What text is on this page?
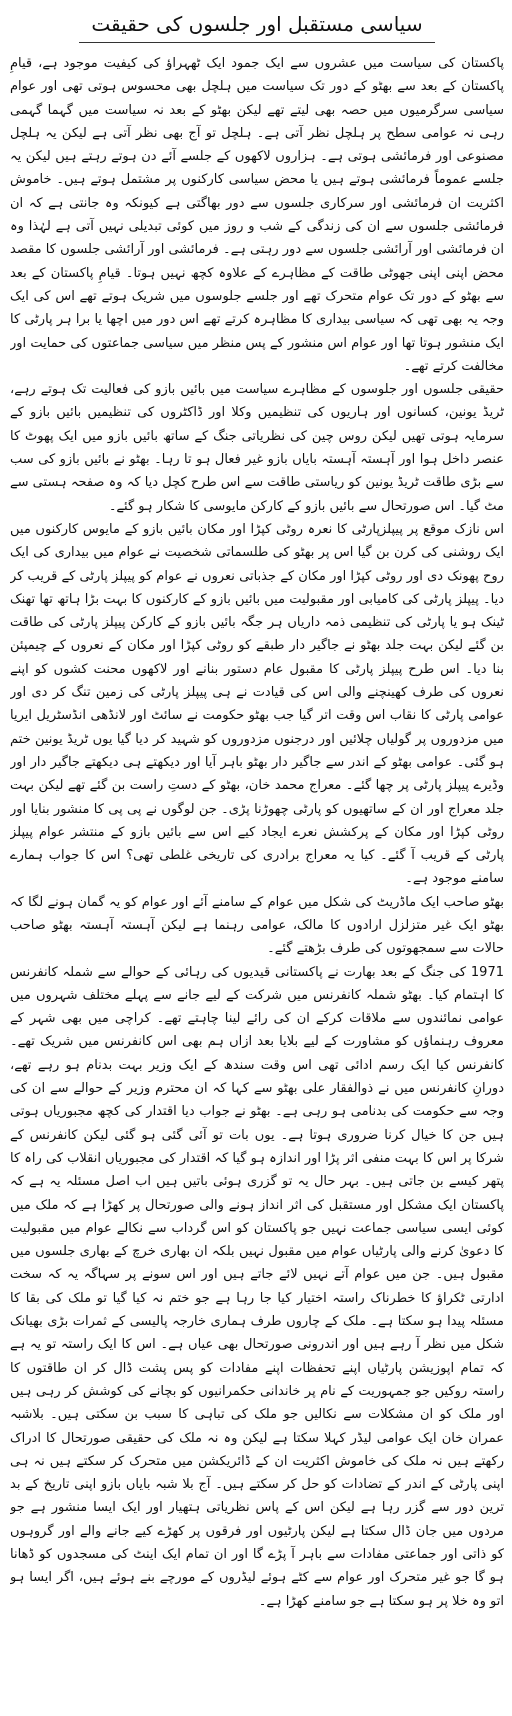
سیاسی مستقبل اور جلسوں کی حقیقت

پاکستان کی سیاست میں عشروں سے ایک جمود ایک ٹھہراؤ کی کیفیت موجود ہے، قیامِ پاکستان کے بعد سے بھٹو کے دور تک سیاست میں ہلچل بھی محسوس ہوتی تھی اور عوام سیاسی سرگرمیوں میں حصہ بھی لیتے تھے لیکن بھٹو کے بعد نہ سیاست میں گہما گہمی رہی نہ عوامی سطح پر ہلچل نظر آتی ہے۔ ہلچل تو آج بھی نظر آتی ہے لیکن یہ ہلچل مصنوعی اور فرمائشی ہوتی ہے۔ ہزاروں لاکھوں کے جلسے آئے دن ہوتے رہتے ہیں لیکن یہ جلسے عموماً فرمائشی ہوتے ہیں یا محض سیاسی کارکنوں پر مشتمل ہوتے ہیں۔ خاموش اکثریت ان فرمائشی اور سرکاری جلسوں سے دور بھاگتی ہے کیونکہ وہ جانتی ہے کہ ان فرمائشی جلسوں سے ان کی زندگی کے شب و روز میں کوئی تبدیلی نہیں آتی ہے لہٰذا وہ ان فرمائشی اور آرائشی جلسوں سے دور رہتی ہے۔ فرمائشی اور آرائشی جلسوں کا مقصد محض اپنی اپنی جھوٹی طاقت کے مظاہرے کے علاوہ کچھ نہیں ہوتا۔ قیامِ پاکستان کے بعد سے بھٹو کے دور تک عوام متحرک تھے اور جلسے جلوسوں میں شریک ہوتے تھے اس کی ایک وجہ یہ بھی تھی کہ سیاسی بیداری کا مظاہرہ کرتے تھے اس دور میں اچھا یا برا ہر پارٹی کا ایک منشور ہوتا تھا اور عوام اس منشور کے پس منظر میں سیاسی جماعتوں کی حمایت اور مخالفت کرتے تھے۔

حقیقی جلسوں اور جلوسوں کے مظاہرے سیاست میں بائیں بازو کی فعالیت تک ہوتے رہے، ٹریڈ یونین، کسانوں اور ہاریوں کی تنظیمیں وکلا اور ڈاکٹروں کی تنظیمیں بائیں بازو کے سرمایہ ہوتی تھیں لیکن روس چین کی نظریاتی جنگ کے ساتھ بائیں بازو میں ایک پھوٹ کا عنصر داخل ہوا اور آہستہ آہستہ بایاں بازو غیر فعال ہو تا رہا۔ بھٹو نے بائیں بازو کی سب سے بڑی طاقت ٹریڈ یونین کو ریاستی طاقت سے اس طرح کچل دیا کہ وہ صفحہ ہستی سے مٹ گیا۔ اس صورتحال سے بائیں بازو کے کارکن مایوسی کا شکار ہو گئے۔

اس نازک موقع پر پیپلزپارٹی کا نعرہ روٹی کپڑا اور مکان بائیں بازو کے مایوس کارکنوں میں ایک روشنی کی کرن بن گیا اس پر بھٹو کی طلسماتی شخصیت نے عوام میں بیداری کی ایک روح پھونک دی اور روٹی کپڑا اور مکان کے جذباتی نعروں نے عوام کو پیپلز پارٹی کے قریب کر دیا۔ پیپلز پارٹی کی کامیابی اور مقبولیت میں بائیں بازو کے کارکنوں کا بہت بڑا ہاتھ تھا تھنک ٹینک ہو یا پارٹی کی تنظیمی ذمہ داریاں ہر جگہ بائیں بازو کے کارکن پیپلز پارٹی کی طاقت بن گئے لیکن بہت جلد بھٹو نے جاگیر دار طبقے کو روٹی کپڑا اور مکان کے نعروں کے چیمپئن بنا دیا۔ اس طرح پیپلز پارٹی کا مقبول عام دستور بنانے اور لاکھوں محنت کشوں کو اپنے نعروں کی طرف کھینچنے والی اس کی قیادت نے ہی پیپلز پارٹی کی زمین تنگ کر دی اور عوامی پارٹی کا نقاب اس وقت اتر گیا جب بھٹو حکومت نے سائٹ اور لانڈھی انڈسٹریل ایریا میں مزدوروں پر گولیاں چلائیں اور درجنوں مزدوروں کو شہید کر دیا گیا یوں ٹریڈ یونین ختم ہو گئی۔ عوامی بھٹو کے اندر سے جاگیر دار بھٹو باہر آیا اور دیکھتے ہی دیکھتے جاگیر دار اور وڈیرے پیپلز پارٹی پر چھا گئے۔ معراج محمد خان، بھٹو کے دستِ راست بن گئے تھے لیکن بہت جلد معراج اور ان کے ساتھیوں کو پارٹی چھوڑنا پڑی۔ جن لوگوں نے پی پی کا منشور بنایا اور روٹی کپڑا اور مکان کے پرکشش نعرے ایجاد کیے اس سے بائیں بازو کے منتشر عوام پیپلز پارٹی کے قریب آ گئے۔ کیا یہ معراج برادری کی تاریخی غلطی تھی؟ اس کا جواب ہمارے سامنے موجود ہے۔

بھٹو صاحب ایک ماڈریٹ کی شکل میں عوام کے سامنے آئے اور عوام کو یہ گمان ہونے لگا کہ بھٹو ایک غیر متزلزل ارادوں کا مالک، عوامی رہنما ہے لیکن آہستہ آہستہ بھٹو صاحب حالات سے سمجھوتوں کی طرف بڑھتے گئے۔

1971 کی جنگ کے بعد بھارت نے پاکستانی قیدیوں کی رہائی کے حوالے سے شملہ کانفرنس کا اہتمام کیا۔ بھٹو شملہ کانفرنس میں شرکت کے لیے جانے سے پہلے مختلف شہروں میں عوامی نمائندوں سے ملاقات کرکے ان کی رائے لینا چاہتے تھے۔ کراچی میں بھی شہر کے معروف رہنماؤں کو مشاورت کے لیے بلایا بعد ازاں ہم بھی اس کانفرنس میں شریک تھے۔ کانفرنس کیا ایک رسم ادائی تھی اس وقت سندھ کے ایک وزیر بہت بدنام ہو رہے تھے، دورانِ کانفرنس میں نے ذوالفقار علی بھٹو سے کہا کہ ان محترم وزیر کے حوالے سے ان کی وجہ سے حکومت کی بدنامی ہو رہی ہے۔ بھٹو نے جواب دیا اقتدار کی کچھ مجبوریاں ہوتی ہیں جن کا خیال کرنا ضروری ہوتا ہے۔ یوں بات تو آئی گئی ہو گئی لیکن کانفرنس کے شرکا پر اس کا بہت منفی اثر پڑا اور اندازہ ہو گیا کہ اقتدار کی مجبوریاں انقلاب کی راہ کا پتھر کیسے بن جاتی ہیں۔ بہر حال یہ تو گزری ہوئی باتیں ہیں اب اصل مسئلہ یہ ہے کہ پاکستان ایک مشکل اور مستقبل کی اثر انداز ہونے والی صورتحال پر کھڑا ہے کہ ملک میں کوئی ایسی سیاسی جماعت نہیں جو پاکستان کو اس گرداب سے نکالے عوام میں مقبولیت کا دعویٰ کرنے والی پارٹیاں عوام میں مقبول نہیں بلکہ ان بھاری خرچ کے بھاری جلسوں میں مقبول ہیں۔ جن میں عوام آتے نہیں لائے جاتے ہیں اور اس سونے پر سہاگہ یہ کہ سخت ادارتی ٹکراؤ کا خطرناک راستہ اختیار کیا جا رہا ہے جو ختم نہ کیا گیا تو ملک کی بقا کا مسئلہ پیدا ہو سکتا ہے۔ ملک کے چاروں طرف ہماری خارجہ پالیسی کے ثمرات بڑی بھیانک شکل میں نظر آ رہے ہیں اور اندرونی صورتحال بھی عیاں ہے۔ اس کا ایک راستہ تو یہ ہے کہ تمام اپوزیشن پارٹیاں اپنے تحفظات اپنے مفادات کو پس پشت ڈال کر ان طاقتوں کا راستہ روکیں جو جمہوریت کے نام پر خاندانی حکمرانیوں کو بچانے کی کوشش کر رہی ہیں اور ملک کو ان مشکلات سے نکالیں جو ملک کی تباہی کا سبب بن سکتی ہیں۔ بلاشبہ عمران خان ایک عوامی لیڈر کہلا سکتا ہے لیکن وہ نہ ملک کی حقیقی صورتحال کا ادراک رکھتے ہیں نہ ملک کی خاموش اکثریت ان کے ڈائریکشن میں متحرک کر سکتے ہیں نہ ہی اپنی پارٹی کے اندر کے تضادات کو حل کر سکتے ہیں۔ آج بلا شبہ بایاں بازو اپنی تاریخ کے بد ترین دور سے گزر رہا ہے لیکن اس کے پاس نظریاتی ہتھیار اور ایک ایسا منشور ہے جو مردوں میں جان ڈال سکتا ہے لیکن پارٹیوں اور فرقوں پر کھڑے کیے جانے والے اور گروہوں کو ذاتی اور جماعتی مفادات سے باہر آ پڑے گا اور ان تمام ایک اینٹ کی مسجدوں کو ڈھانا ہو گا جو غیر متحرک اور عوام سے کٹے ہوئے لیڈروں کے مورچے بنے ہوئے ہیں، اگر ایسا ہو اتو وہ خلا پر ہو سکتا ہے جو سامنے کھڑا ہے۔
